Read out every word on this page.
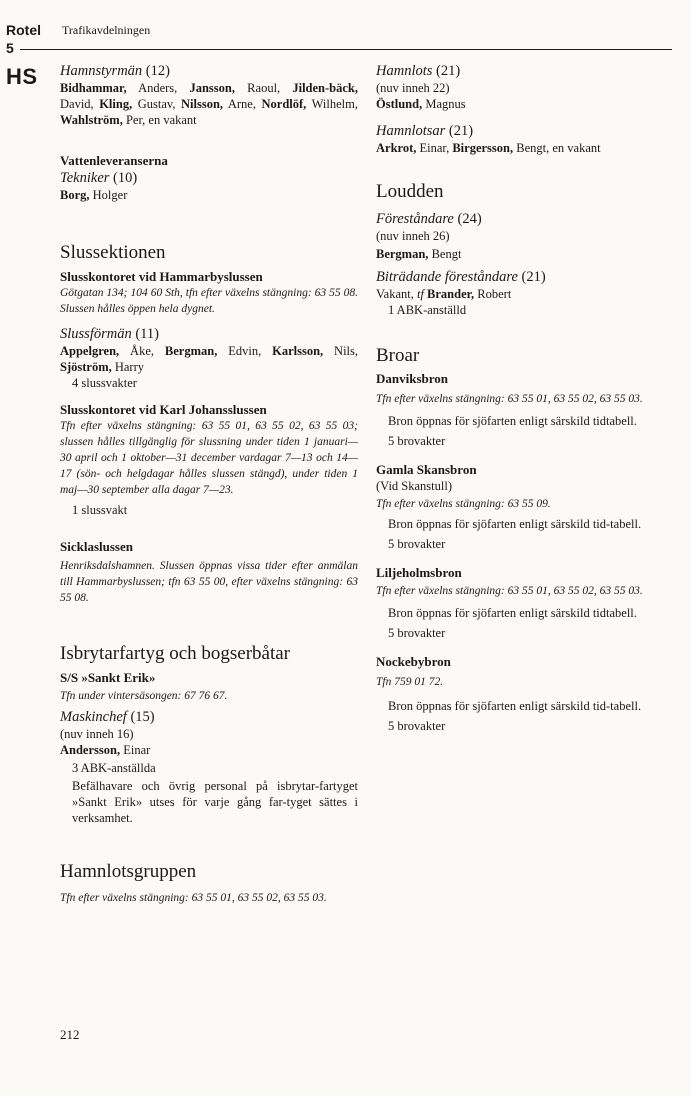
Rotel Trafikavdelningen
5
HS Hamnstyrmän (12)

Bidhammar, Anders, Jansson, Raoul, Jilden-bäck, David, Kling, Gustav, Nilsson, Arne, Nordlöf, Wilhelm, Wahlström, Per, en vakant

Vattenleveranserna

Tekniker (10)

Borg, Holger

Slussektionen

Slusskontoret vid Hammarbyslussen

Götgatan 134; 104 60 Sth, tfn efter växelns stängning: 63 55 08. Slussen hålles öppen hela dygnet.

Slussförmän (11)

Appelgren, Åke, Bergman, Edvin, Karlsson, Nils, Sjöström, Harry

4 slussvakter

Slusskontoret vid Karl Johansslussen

Tfn efter växelns stängning: 63 55 01, 63 55 02, 63 55 03; slussen hålles tillgänglig för slussning under tiden 1 januari—30 april och 1 oktober—31 december vardagar 7—13 och 14—17 (sön- och helgdagar hålles slussen stängd), under tiden 1 maj—30 september alla dagar 7—23.

1 slussvakt

Sicklaslussen

Henriksdalshamnen. Slussen öppnas vissa tider efter anmälan till Hammarbyslussen; tfn 63 55 00, efter växelns stängning: 63 55 08.

Isbrytarfartyg och bogserbåtar

S/S »Sankt Erik»

Tfn under vintersäsongen: 67 76 67.

Maskinchef (15)

(nuv inneh 16)

Andersson, Einar

3 ABK-anställda

Befälhavare och övrig personal på isbrytar-fartyget »Sankt Erik» utses för varje gång far-tyget sättes i verksamhet.

Hamnlotsgruppen

Tfn efter växelns stängning: 63 55 01, 63 55 02, 63 55 03.

Hamnlots (21)

(nuv inneh 22)

Östlund, Magnus

Hamnlotsar (21)

Arkrot, Einar, Birgersson, Bengt, en vakant

Loudden

Föreståndare (24)

(nuv inneh 26)

Bergman, Bengt

Biträdande föreståndare (21)

Vakant, tf Brander, Robert

1 ABK-anställd

Broar

Danviksbron

Tfn efter växelns stängning: 63 55 01, 63 55 02, 63 55 03.

Bron öppnas för sjöfarten enligt särskild tidtabell.

5 brovakter

Gamla Skansbron

(Vid Skanstull)

Tfn efter växelns stängning: 63 55 09.

Bron öppnas för sjöfarten enligt särskild tid-tabell.

5 brovakter

Liljeholmsbron

Tfn efter växelns stängning: 63 55 01, 63 55 02, 63 55 03.

Bron öppnas för sjöfarten enligt särskild tidtabell.

5 brovakter

Nockebybron

Tfn 759 01 72.

Bron öppnas för sjöfarten enligt särskild tid-tabell.

5 brovakter

212
